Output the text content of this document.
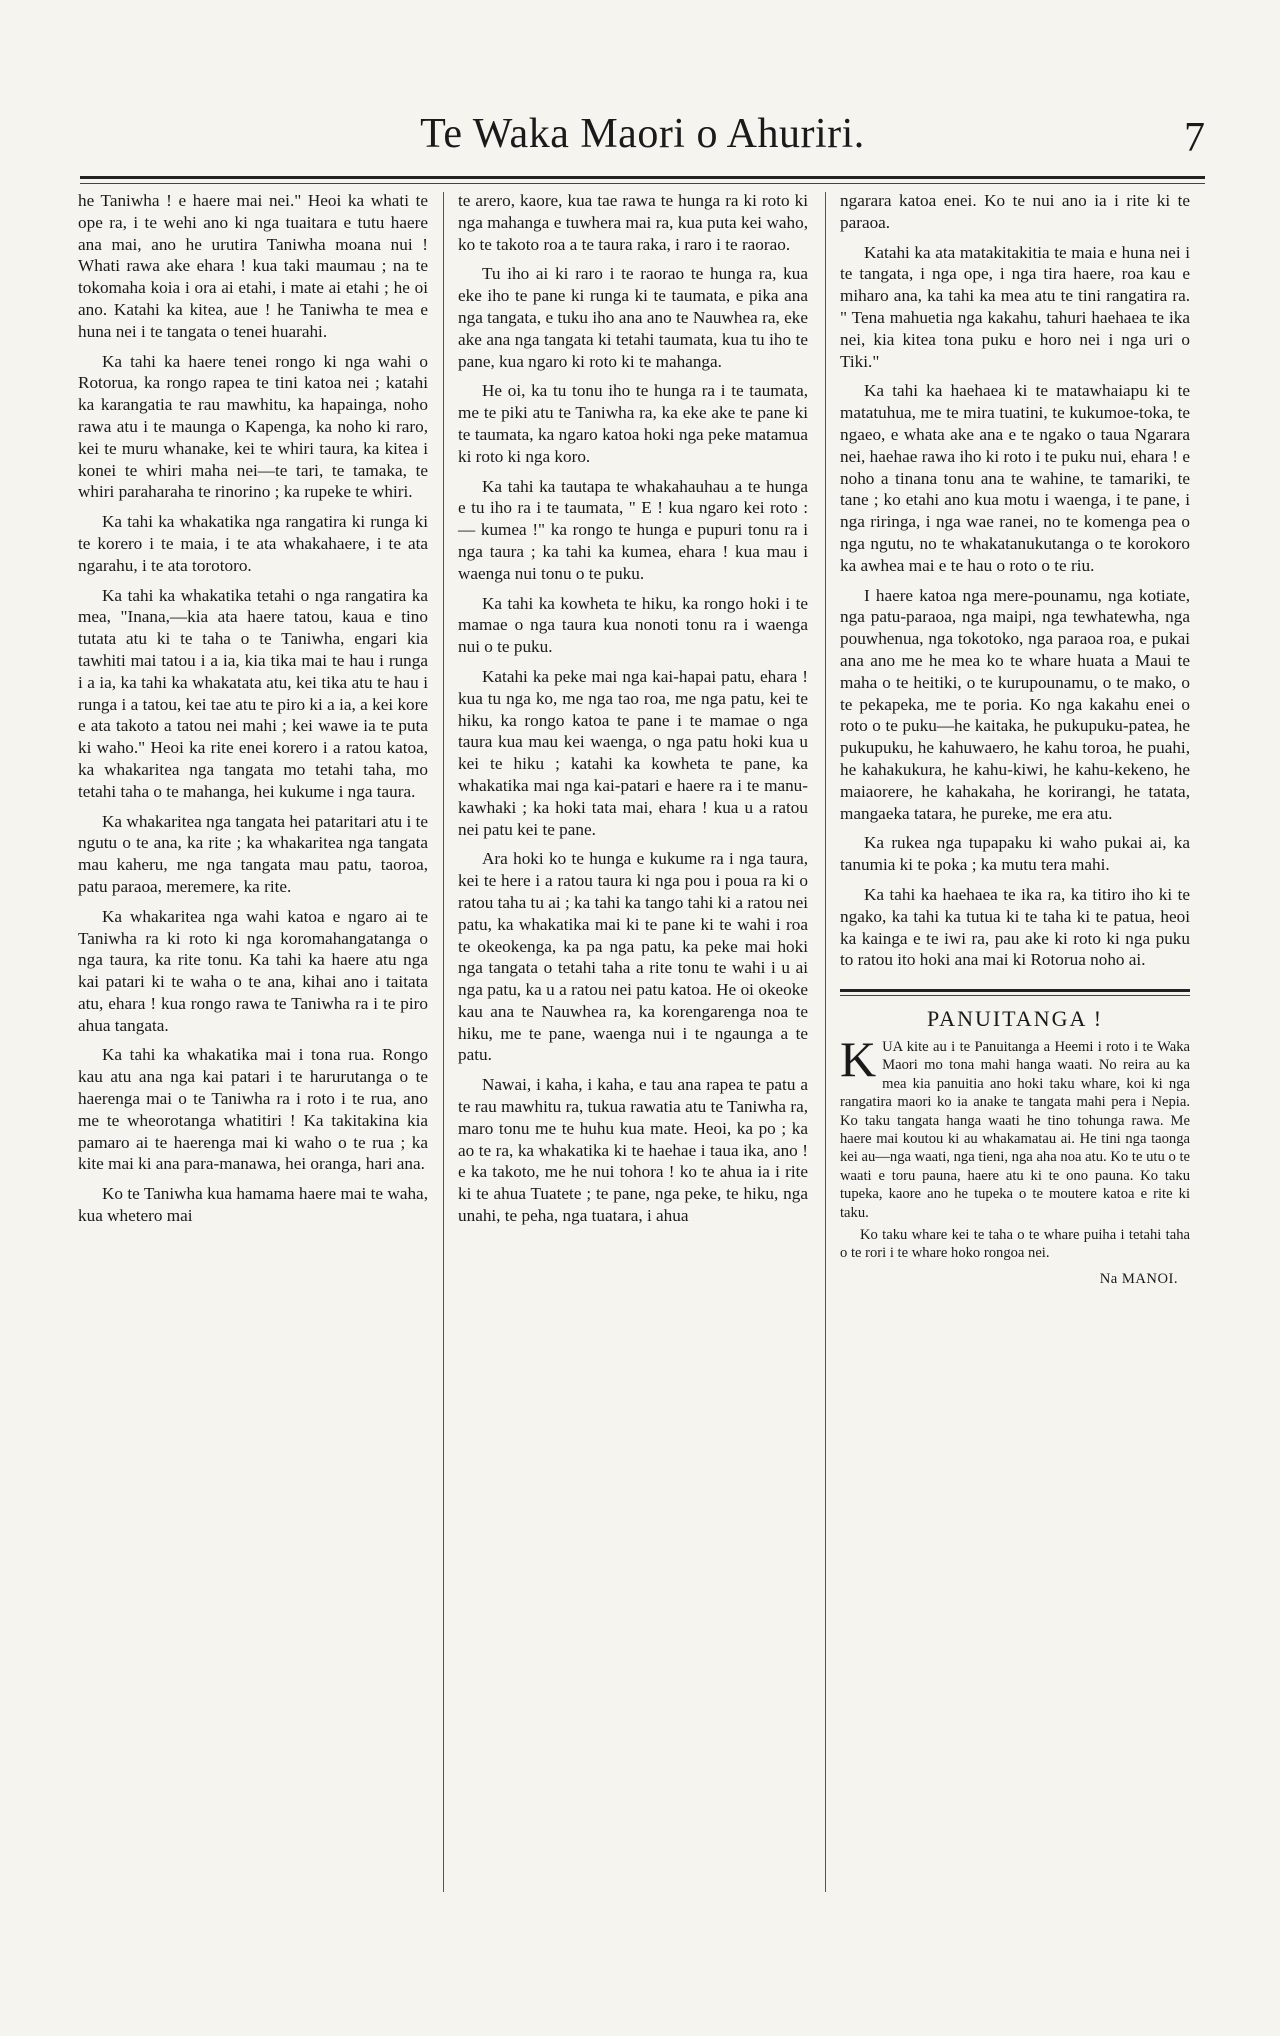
Te Waka Maori o Ahuriri.	7

he Taniwha ! e haere mai nei." Heoi ka whati te ope ra, i te wehi ano ki nga tuaitara e tutu haere ana mai, ano he urutira Taniwha moana nui ! Whati rawa ake ehara ! kua taki maumau ; na te tokomaha koia i ora ai etahi, i mate ai etahi ; he oi ano. Katahi ka kitea, aue ! he Taniwha te mea e huna nei i te tangata o tenei huarahi.

Ka tahi ka haere tenei rongo ki nga wahi o Rotorua, ka rongo rapea te tini katoa nei ; katahi ka karangatia te rau mawhitu, ka hapainga, noho rawa atu i te maunga o Kapenga, ka noho ki raro, kei te muru whanake, kei te whiri taura, ka kitea i konei te whiri maha nei—te tari, te tamaka, te whiri paraharaha te rinorino ; ka rupeke te whiri.

Ka tahi ka whakatika nga rangatira ki runga ki te korero i te maia, i te ata whakahaere, i te ata ngarahu, i te ata torotoro.

Ka tahi ka whakatika tetahi o nga rangatira ka mea, "Inana,—kia ata haere tatou, kaua e tino tutata atu ki te taha o te Taniwha, engari kia tawhiti mai tatou i a ia, kia tika mai te hau i runga i a ia, ka tahi ka whakatata atu, kei tika atu te hau i runga i a tatou, kei tae atu te piro ki a ia, a kei kore e ata takoto a tatou nei mahi ; kei wawe ia te puta ki waho." Heoi ka rite enei korero i a ratou katoa, ka whakaritea nga tangata mo tetahi taha, mo tetahi taha o te mahanga, hei kukume i nga taura.

Ka whakaritea nga tangata hei pataritari atu i te ngutu o te ana, ka rite ; ka whakaritea nga tangata mau kaheru, me nga tangata mau patu, taoroa, patu paraoa, meremere, ka rite.

Ka whakaritea nga wahi katoa e ngaro ai te Taniwha ra ki roto ki nga koromahangatanga o nga taura, ka rite tonu. Ka tahi ka haere atu nga kai patari ki te waha o te ana, kihai ano i taitata atu, ehara ! kua rongo rawa te Taniwha ra i te piro ahua tangata.

Ka tahi ka whakatika mai i tona rua. Rongo kau atu ana nga kai patari i te harurutanga o te haerenga mai o te Taniwha ra i roto i te rua, ano me te wheorotanga whatitiri ! Ka takitakina kia pamaro ai te haerenga mai ki waho o te rua ; ka kite mai ki ana para-manawa, hei oranga, hari ana.

Ko te Taniwha kua hamama haere mai te waha, kua whetero mai

te arero, kaore, kua tae rawa te hunga ra ki roto ki nga mahanga e tuwhera mai ra, kua puta kei waho, ko te takoto roa a te taura raka, i raro i te raorao.

Tu iho ai ki raro i te raorao te hunga ra, kua eke iho te pane ki runga ki te taumata, e pika ana nga tangata, e tuku iho ana ano te Nauwhea ra, eke ake ana nga tangata ki tetahi taumata, kua tu iho te pane, kua ngaro ki roto ki te mahanga.

He oi, ka tu tonu iho te hunga ra i te taumata, me te piki atu te Taniwha ra, ka eke ake te pane ki te taumata, ka ngaro katoa hoki nga peke matamua ki roto ki nga koro.

Ka tahi ka tautapa te whakahauhau a te hunga e tu iho ra i te taumata, " E ! kua ngaro kei roto :— kumea !" ka rongo te hunga e pupuri tonu ra i nga taura ; ka tahi ka kumea, ehara ! kua mau i waenga nui tonu o te puku.

Ka tahi ka kowheta te hiku, ka rongo hoki i te mamae o nga taura kua nonoti tonu ra i waenga nui o te puku.

Katahi ka peke mai nga kai-hapai patu, ehara ! kua tu nga ko, me nga tao roa, me nga patu, kei te hiku, ka rongo katoa te pane i te mamae o nga taura kua mau kei waenga, o nga patu hoki kua u kei te hiku ; katahi ka kowheta te pane, ka whakatika mai nga kai-patari e haere ra i te manu-kawhaki ; ka hoki tata mai, ehara ! kua u a ratou nei patu kei te pane.

Ara hoki ko te hunga e kukume ra i nga taura, kei te here i a ratou taura ki nga pou i poua ra ki o ratou taha tu ai ; ka tahi ka tango tahi ki a ratou nei patu, ka whakatika mai ki te pane ki te wahi i roa te okeokenga, ka pa nga patu, ka peke mai hoki nga tangata o tetahi taha a rite tonu te wahi i u ai nga patu, ka u a ratou nei patu katoa. He oi okeoke kau ana te Nauwhea ra, ka korengarenga noa te hiku, me te pane, waenga nui i te ngaunga a te patu.

Nawai, i kaha, i kaha, e tau ana rapea te patu a te rau mawhitu ra, tukua rawatia atu te Taniwha ra, maro tonu me te huhu kua mate. Heoi, ka po ; ka ao te ra, ka whakatika ki te haehae i taua ika, ano ! e ka takoto, me he nui tohora ! ko te ahua ia i rite ki te ahua Tuatete ; te pane, nga peke, te hiku, nga unahi, te peha, nga tuatara, i ahua

ngarara katoa enei. Ko te nui ano ia i rite ki te paraoa.

Katahi ka ata matakitakitia te maia e huna nei i te tangata, i nga ope, i nga tira haere, roa kau e miharo ana, ka tahi ka mea atu te tini rangatira ra. " Tena mahuetia nga kakahu, tahuri haehaea te ika nei, kia kitea tona puku e horo nei i nga uri o Tiki."

Ka tahi ka haehaea ki te matawhaiapu ki te matatuhua, me te mira tuatini, te kukumoe-toka, te ngaeo, e whata ake ana e te ngako o taua Ngarara nei, haehae rawa iho ki roto i te puku nui, ehara ! e noho a tinana tonu ana te wahine, te tamariki, te tane ; ko etahi ano kua motu i waenga, i te pane, i nga riringa, i nga wae ranei, no te komenga pea o nga ngutu, no te whakatanukutanga o te korokoro ka awhea mai e te hau o roto o te riu.

I haere katoa nga mere-pounamu, nga kotiate, nga patu-paraoa, nga maipi, nga tewhatewha, nga pouwhenua, nga tokotoko, nga paraoa roa, e pukai ana ano me he mea ko te whare huata a Maui te maha o te heitiki, o te kurupounamu, o te mako, o te pekapeka, me te poria. Ko nga kakahu enei o roto o te puku—he kaitaka, he pukupuku-patea, he pukupuku, he kahuwaero, he kahu toroa, he puahi, he kahakukura, he kahu-kiwi, he kahu-kekeno, he maiaorere, he kahakaha, he korirangi, he tatata, mangaeka tatara, he pureke, me era atu.

Ka rukea nga tupapaku ki waho pukai ai, ka tanumia ki te poka ; ka mutu tera mahi.

Ka tahi ka haehaea te ika ra, ka titiro iho ki te ngako, ka tahi ka tutua ki te taha ki te patua, heoi ka kainga e te iwi ra, pau ake ki roto ki nga puku to ratou ito hoki ana mai ki Rotorua noho ai.

PANUITANGA !

KUA kite au i te Panuitanga a Heemi i roto i te Waka Maori mo tona mahi hanga waati. No reira au ka mea kia panuitia ano hoki taku whare, koi ki nga rangatira maori ko ia anake te tangata mahi pera i Nepia. Ko taku tangata hanga waati he tino tohunga rawa. Me haere mai koutou ki au whakamatau ai. He tini nga taonga kei au—nga waati, nga tieni, nga aha noa atu. Ko te utu o te waati e toru pauna, haere atu ki te ono pauna. Ko taku tupeka, kaore ano he tupeka o te moutere katoa e rite ki taku.

Ko taku whare kei te taha o te whare puiha i tetahi taha o te rori i te whare hoko rongoa nei.

Na MANOI.
